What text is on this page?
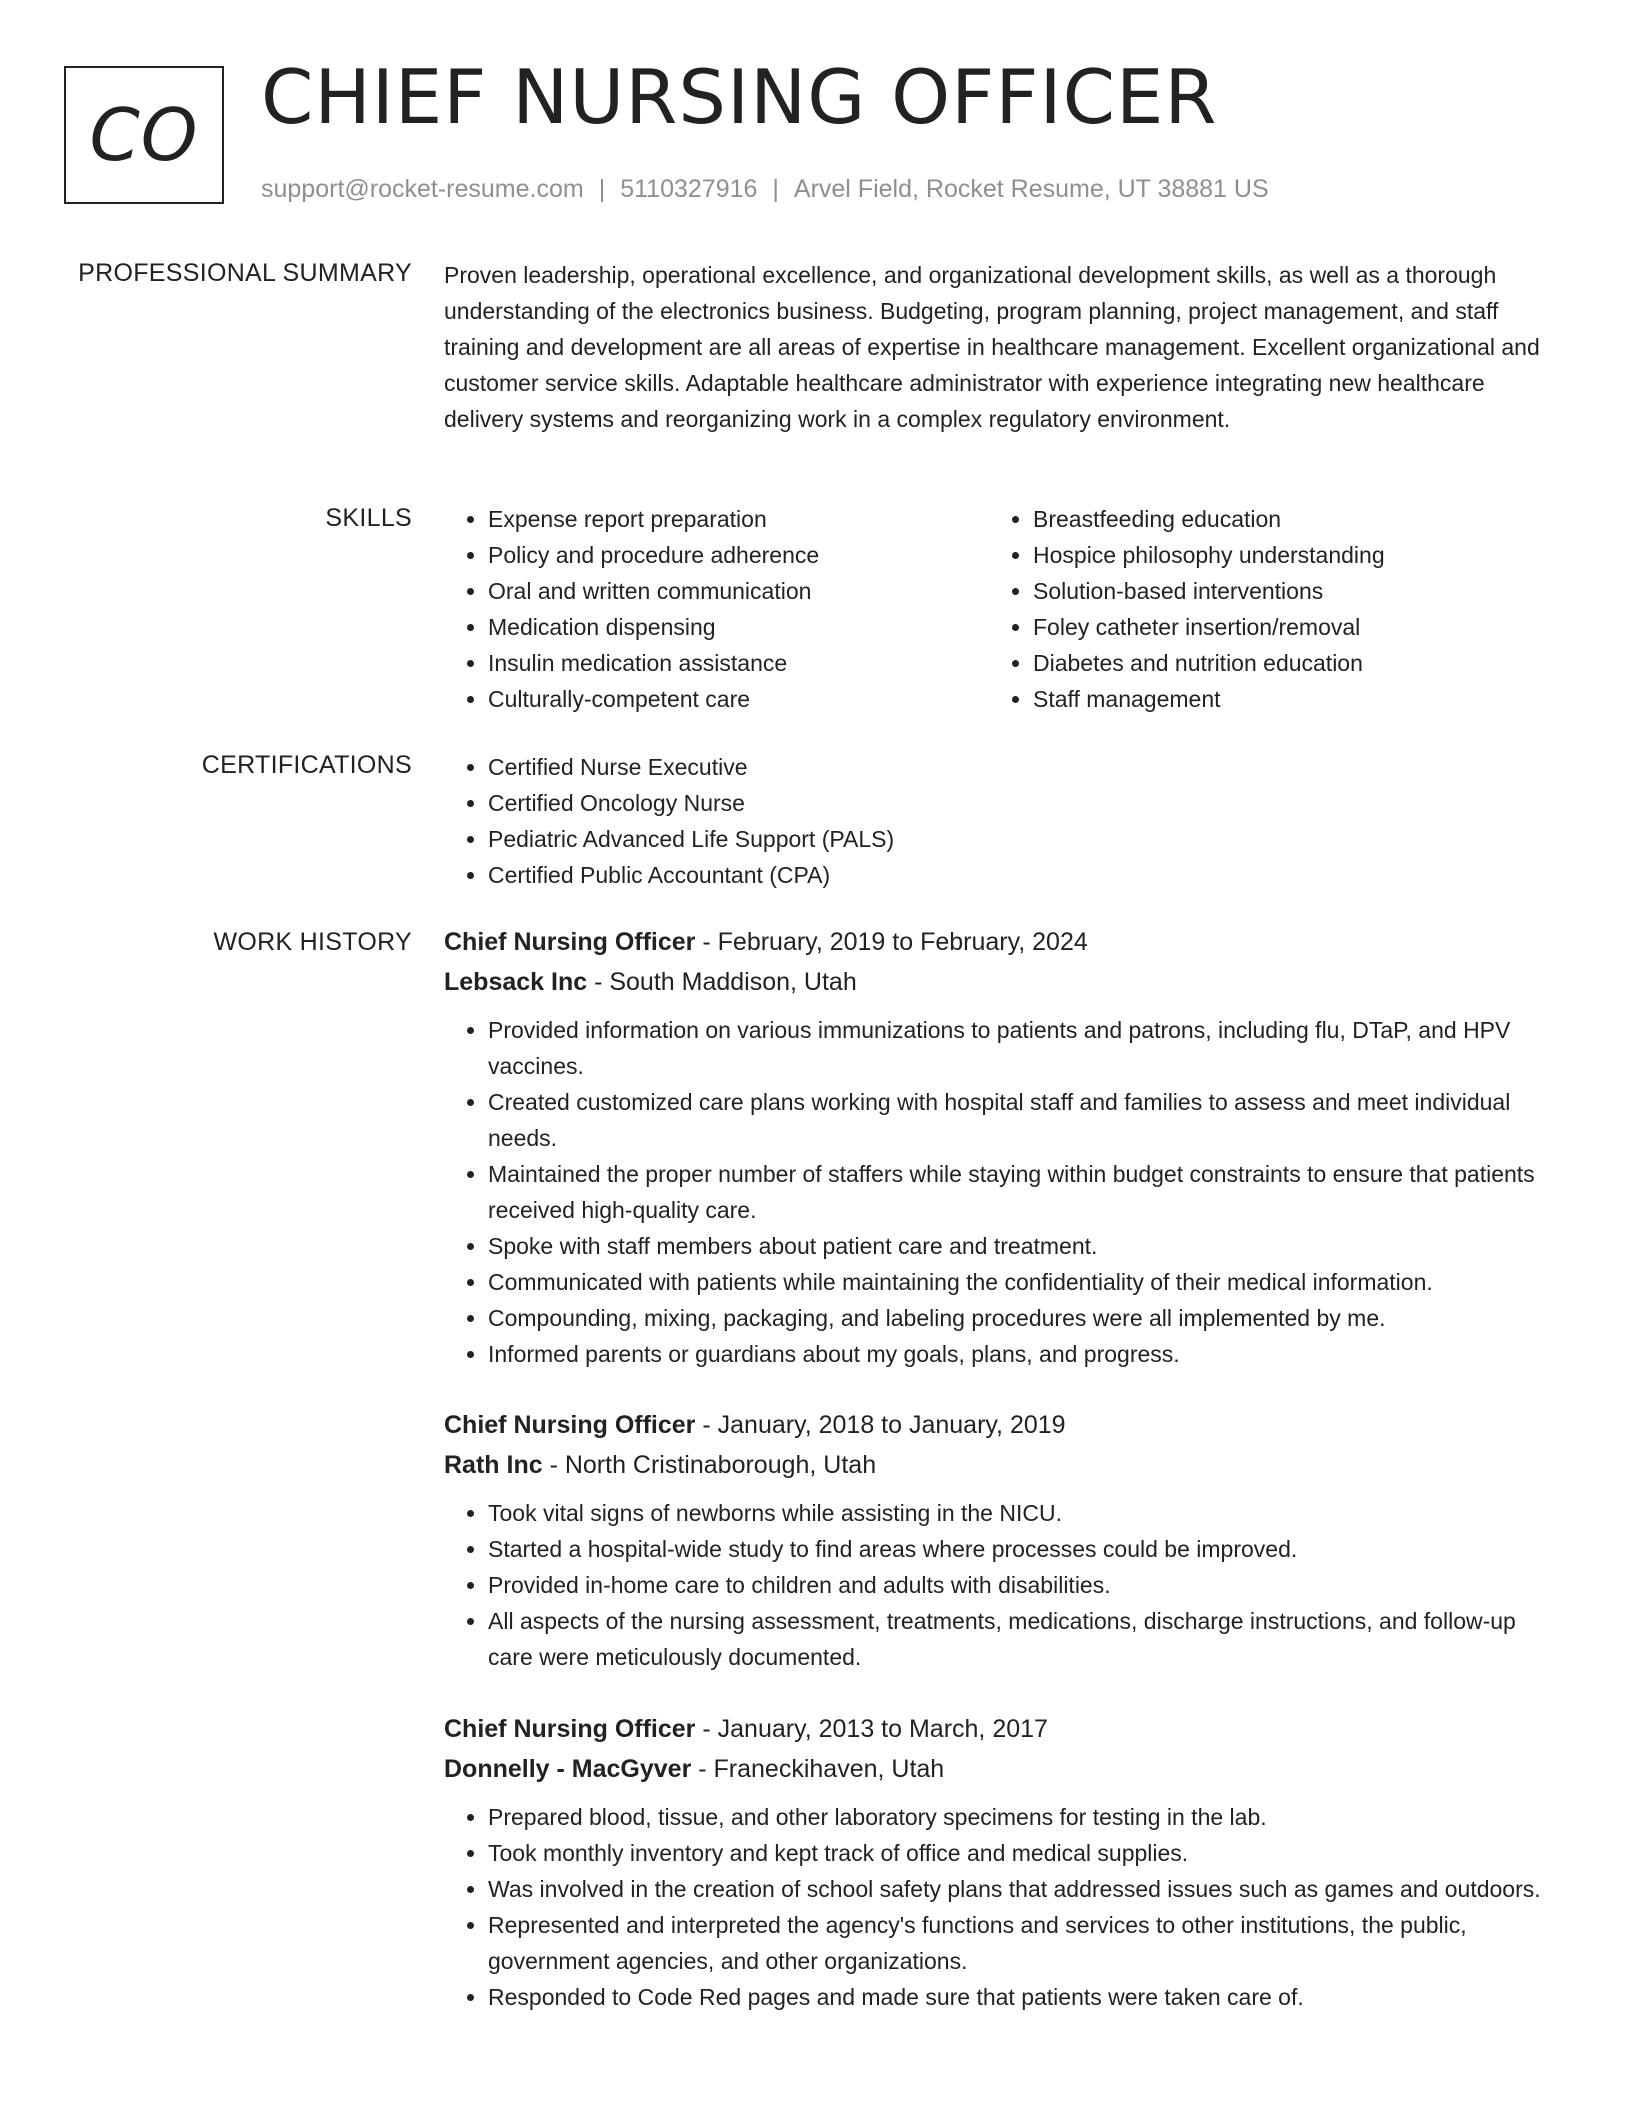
CO CHIEF NURSING OFFICER
support@rocket-resume.com | 5110327916 | Arvel Field, Rocket Resume, UT 38881 US
PROFESSIONAL SUMMARY Proven leadership, operational excellence, and organizational development skills, as well as a thorough understanding of the electronics business. Budgeting, program planning, project management, and staff training and development are all areas of expertise in healthcare management. Excellent organizational and customer service skills. Adaptable healthcare administrator with experience integrating new healthcare delivery systems and reorganizing work in a complex regulatory environment.

SKILLS	• Expense report preparation
• Policy and procedure adherence
• Oral and written communication
• Medication dispensing
• Insulin medication assistance
• Culturally-competent care
• Breastfeeding education
• Hospice philosophy understanding
• Solution-based interventions
• Foley catheter insertion/removal
• Diabetes and nutrition education
• Staff management
CERTIFICATIONS	• Certified Nurse Executive
• Certified Oncology Nurse
• Pediatric Advanced Life Support (PALS)
• Certified Public Accountant (CPA)
WORK HISTORY Chief Nursing Officer - February, 2019 to February, 2024
Lebsack Inc - South Maddison, Utah
• Provided information on various immunizations to patients and patrons, including flu, DTaP, and HPV vaccines.
• Created customized care plans working with hospital staff and families to assess and meet individual needs.
• Maintained the proper number of staffers while staying within budget constraints to ensure that patients received high-quality care.
• Spoke with staff members about patient care and treatment.
• Communicated with patients while maintaining the confidentiality of their medical information.
• Compounding, mixing, packaging, and labeling procedures were all implemented by me.
• Informed parents or guardians about my goals, plans, and progress.
Chief Nursing Officer - January, 2018 to January, 2019
Rath Inc - North Cristinaborough, Utah
• Took vital signs of newborns while assisting in the NICU.
• Started a hospital-wide study to find areas where processes could be improved.
• Provided in-home care to children and adults with disabilities.
• All aspects of the nursing assessment, treatments, medications, discharge instructions, and follow-up care were meticulously documented.
Chief Nursing Officer - January, 2013 to March, 2017
Donnelly - MacGyver - Franeckihaven, Utah
• Prepared blood, tissue, and other laboratory specimens for testing in the lab.
• Took monthly inventory and kept track of office and medical supplies.
• Was involved in the creation of school safety plans that addressed issues such as games and outdoors.
• Represented and interpreted the agency's functions and services to other institutions, the public, government agencies, and other organizations.
• Responded to Code Red pages and made sure that patients were taken care of.
